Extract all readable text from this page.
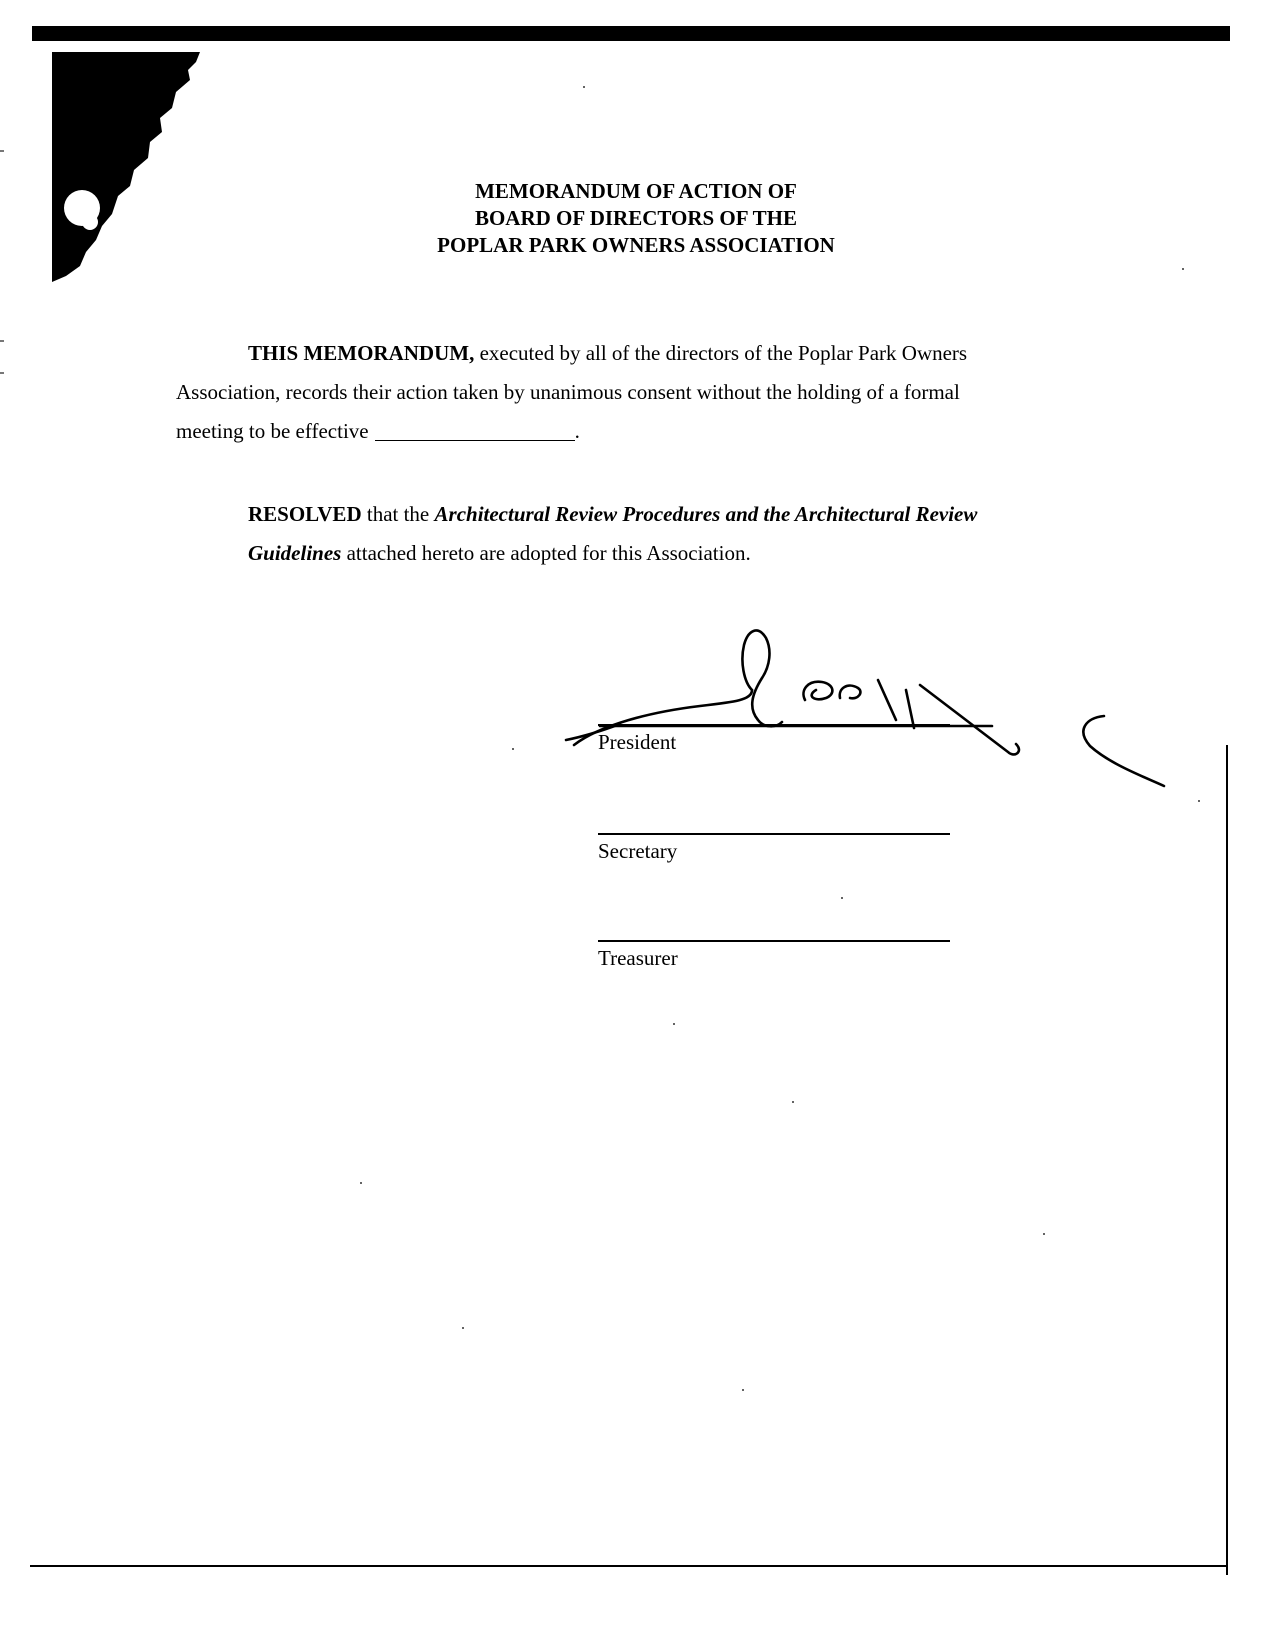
MEMORANDUM OF ACTION OF
BOARD OF DIRECTORS OF THE
POPLAR PARK OWNERS ASSOCIATION
THIS MEMORANDUM, executed by all of the directors of the Poplar Park Owners
Association, records their action taken by unanimous consent without the holding of a formal
meeting to be effective	.
RESOLVED that the Architectural Review Procedures and the Architectural Review
Guidelines attached hereto are adopted for this Association.
President
Secretary
Treasurer
